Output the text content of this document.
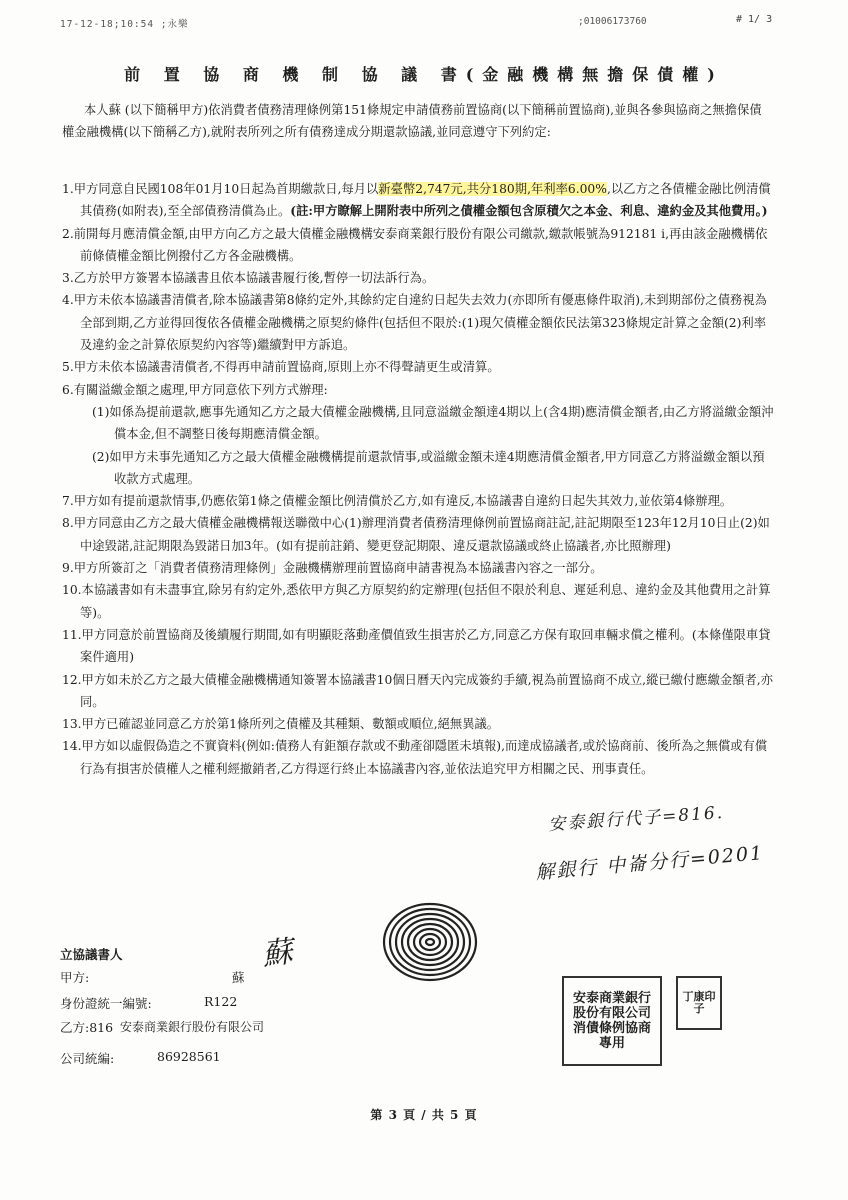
17-12-18;10:54 ;永樂	;01006173760	# 1/ 3
前 置 協 商 機 制 協 議 書(金融機構無擔保債權)
本人蘇 (以下簡稱甲方)依消費者債務清理條例第151條規定申請債務前置協商(以下簡稱前置協商),並與各參與協商之無擔保債權金融機構(以下簡稱乙方),就附表所列之所有債務達成分期還款協議,並同意遵守下列約定:
1.甲方同意自民國108年01月10日起為首期繳款日,每月以新臺幣2,747元,共分180期,年利率6.00%,以乙方之各債權金融比例清償其債務(如附表),至全部債務清償為止。(註:甲方瞭解上開附表中所列之債權金額包含原積欠之本金、利息、違約金及其他費用。)
2.前開每月應清償金額,由甲方向乙方之最大債權金融機構安泰商業銀行股份有限公司繳款,繳款帳號為912181 i,再由該金融機構依前條債權金額比例撥付乙方各金融機構。
3.乙方於甲方簽署本協議書且依本協議書履行後,暫停一切法訴行為。
4.甲方未依本協議書清償者,除本協議書第8條約定外,其餘約定自違約日起失去效力(亦即所有優惠條件取消),未到期部份之債務視為全部到期,乙方並得回復依各債權金融機構之原契約條件(包括但不限於:(1)現欠債權金額依民法第323條規定計算之金額(2)利率及違約金之計算依原契約內容等)繼續對甲方訴追。
5.甲方未依本協議書清償者,不得再申請前置協商,原則上亦不得聲請更生或清算。
6.有關溢繳金額之處理,甲方同意依下列方式辦理:
(1)如係為提前還款,應事先通知乙方之最大債權金融機構,且同意溢繳金額達4期以上(含4期)應清償金額者,由乙方將溢繳金額沖償本金,但不調整日後每期應清償金額。
(2)如甲方未事先通知乙方之最大債權金融機構提前還款情事,或溢繳金額未達4期應清償金額者,甲方同意乙方將溢繳金額以預收款方式處理。
7.甲方如有提前還款情事,仍應依第1條之債權金額比例清償於乙方,如有違反,本協議書自違約日起失其效力,並依第4條辦理。
8.甲方同意由乙方之最大債權金融機構報送聯徵中心(1)辦理消費者債務清理條例前置協商註記,註記期限至123年12月10日止(2)如中途毀諾,註記期限為毀諾日加3年。(如有提前註銷、變更登記期限、違反還款協議或終止協議者,亦比照辦理)
9.甲方所簽訂之「消費者債務清理條例」金融機構辦理前置協商申請書視為本協議書內容之一部分。
10.本協議書如有未盡事宜,除另有約定外,悉依甲方與乙方原契約約定辦理(包括但不限於利息、遲延利息、違約金及其他費用之計算等)。
11.甲方同意於前置協商及後續履行期間,如有明顯貶落動產價值致生損害於乙方,同意乙方保有取回車輛求償之權利。(本條僅限車貸案件適用)
12.甲方如未於乙方之最大債權金融機構通知簽署本協議書10個日曆天內完成簽約手續,視為前置協商不成立,縱已繳付應繳金額者,亦同。
13.甲方已確認並同意乙方於第1條所列之債權及其種類、數額或順位,絕無異議。
14.甲方如以虛假偽造之不實資料(例如:債務人有鉅額存款或不動產卻隱匿未填報),而達成協議者,或於協商前、後所為之無償或有償行為有損害於債權人之權利經撤銷者,乙方得逕行終止本協議書內容,並依法追究甲方相關之民、刑事責任。
安泰銀行代子=816.
解銀行 中崙分行=0201
立協議書人
甲方:	蘇
蘇
身份證統一編號:	R122
乙方:816 安泰商業銀行股份有限公司
公司統編:	86928561
安泰商業銀行股份有限公司消債條例協商專用
丁康印子
第 3 頁 / 共 5 頁
